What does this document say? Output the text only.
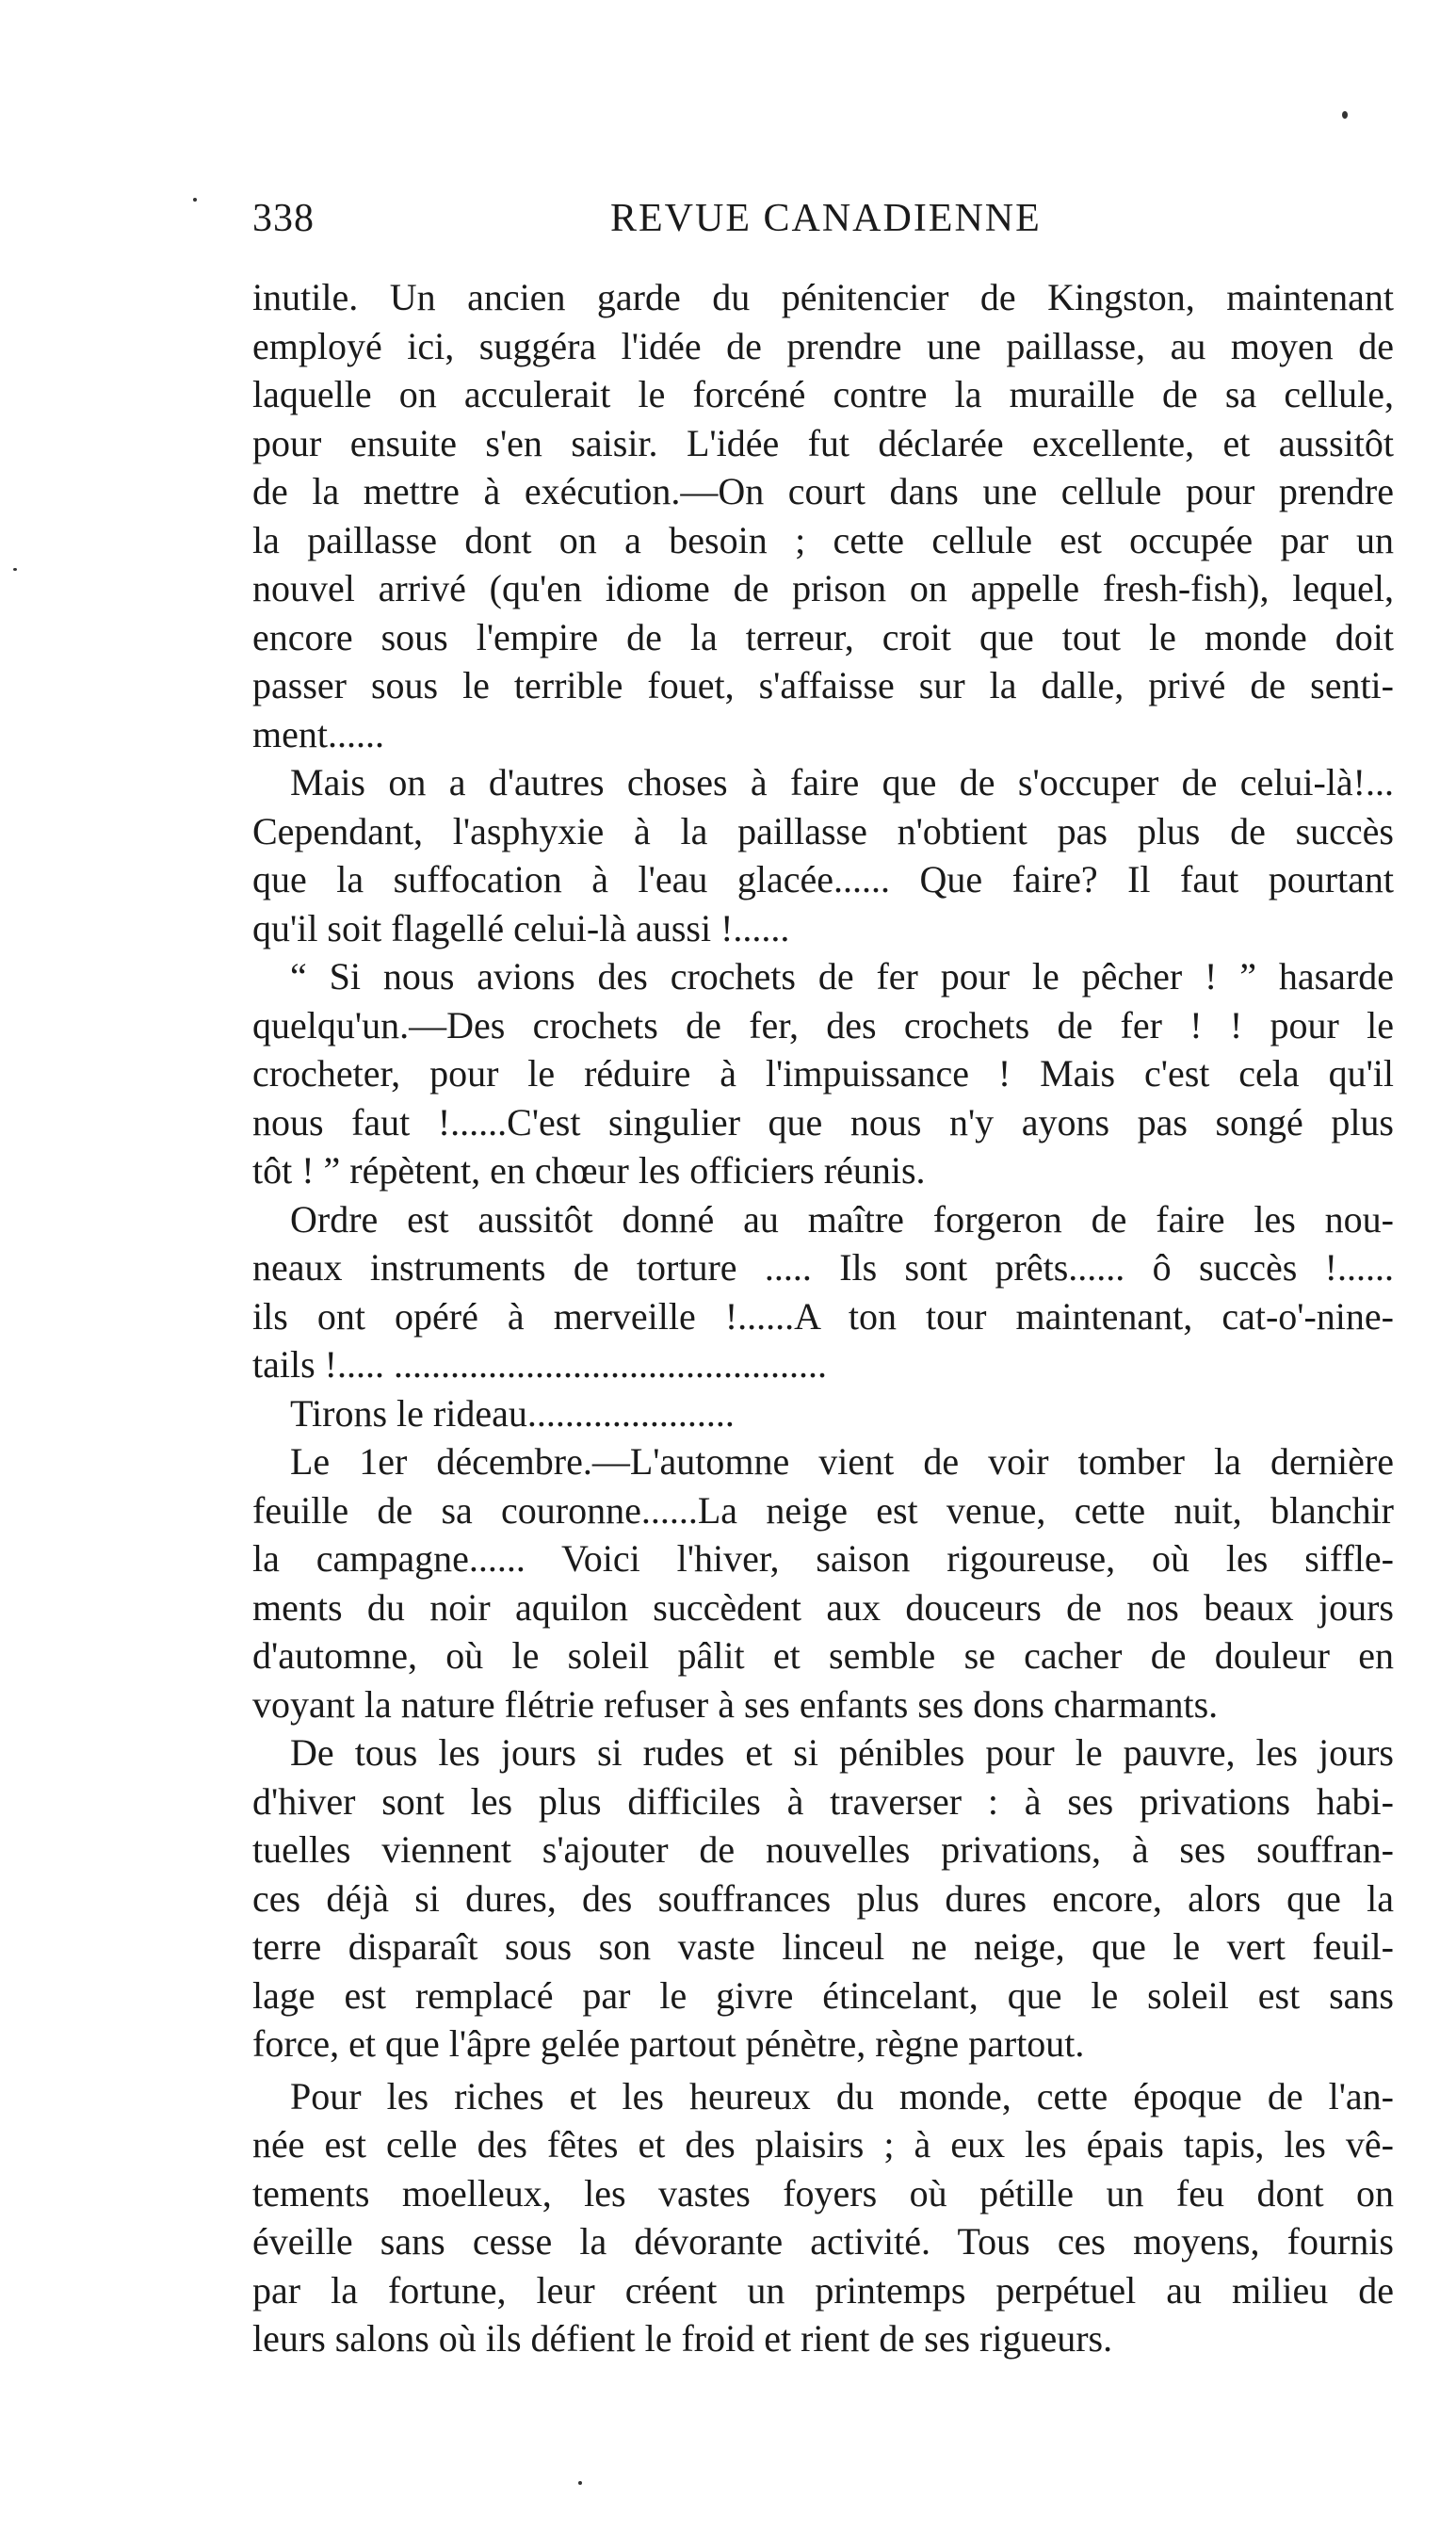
338	REVUE CANADIENNE
inutile. Un ancien garde du pénitencier de Kingston, maintenant
employé ici, suggéra l'idée de prendre une paillasse, au moyen de
laquelle on acculerait le forcéné contre la muraille de sa cellule,
pour ensuite s'en saisir. L'idée fut déclarée excellente, et aussitôt
de la mettre à exécution.—On court dans une cellule pour prendre
la paillasse dont on a besoin ; cette cellule est occupée par un
nouvel arrivé (qu'en idiome de prison on appelle fresh-fish), lequel,
encore sous l'empire de la terreur, croit que tout le monde doit
passer sous le terrible fouet, s'affaisse sur la dalle, privé de senti-
ment......
Mais on a d'autres choses à faire que de s'occuper de celui-là!...
Cependant, l'asphyxie à la paillasse n'obtient pas plus de succès
que la suffocation à l'eau glacée...... Que faire? Il faut pourtant
qu'il soit flagellé celui-là aussi !......
“ Si nous avions des crochets de fer pour le pêcher ! ” hasarde
quelqu'un.—Des crochets de fer, des crochets de fer ! ! pour le
crocheter, pour le réduire à l'impuissance ! Mais c'est cela qu'il
nous faut !......C'est singulier que nous n'y ayons pas songé plus
tôt ! ” répètent, en chœur les officiers réunis.
Ordre est aussitôt donné au maître forgeron de faire les nou-
neaux instruments de torture ..... Ils sont prêts...... ô succès !......
ils ont opéré à merveille !......A ton tour maintenant, cat-o'-nine-
tails !..... ..............................................
Tirons le rideau......................
Le 1er décembre.—L'automne vient de voir tomber la dernière
feuille de sa couronne......La neige est venue, cette nuit, blanchir
la campagne...... Voici l'hiver, saison rigoureuse, où les siffle-
ments du noir aquilon succèdent aux douceurs de nos beaux jours
d'automne, où le soleil pâlit et semble se cacher de douleur en
voyant la nature flétrie refuser à ses enfants ses dons charmants.
De tous les jours si rudes et si pénibles pour le pauvre, les jours
d'hiver sont les plus difficiles à traverser : à ses privations habi-
tuelles viennent s'ajouter de nouvelles privations, à ses souffran-
ces déjà si dures, des souffrances plus dures encore, alors que la
terre disparaît sous son vaste linceul ne neige, que le vert feuil-
lage est remplacé par le givre étincelant, que le soleil est sans
force, et que l'âpre gelée partout pénètre, règne partout.
Pour les riches et les heureux du monde, cette époque de l'an-
née est celle des fêtes et des plaisirs ; à eux les épais tapis, les vê-
tements moelleux, les vastes foyers où pétille un feu dont on
éveille sans cesse la dévorante activité. Tous ces moyens, fournis
par la fortune, leur créent un printemps perpétuel au milieu de
leurs salons où ils défient le froid et rient de ses rigueurs.
